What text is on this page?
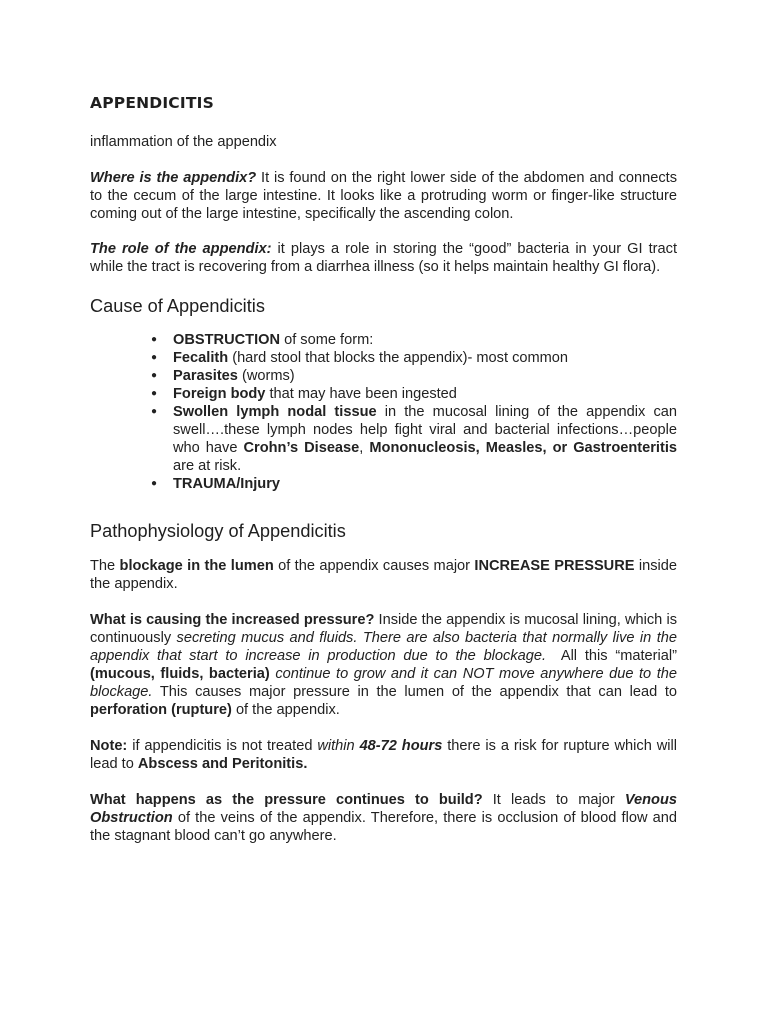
APPENDICITIS

inflammation of the appendix

Where is the appendix? It is found on the right lower side of the abdomen and connects to the cecum of the large intestine. It looks like a protruding worm or finger-like structure coming out of the large intestine, specifically the ascending colon.

The role of the appendix: it plays a role in storing the “good” bacteria in your GI tract while the tract is recovering from a diarrhea illness (so it helps maintain healthy GI flora).

Cause of Appendicitis
● OBSTRUCTION of some form:
● Fecalith (hard stool that blocks the appendix)- most common
● Parasites (worms)
● Foreign body that may have been ingested
● Swollen lymph nodal tissue in the mucosal lining of the appendix can swell….these lymph nodes help fight viral and bacterial infections…people who have Crohn’s Disease, Mononucleosis, Measles, or Gastroenteritis are at risk.
● TRAUMA/Injury
Pathophysiology of Appendicitis

The blockage in the lumen of the appendix causes major INCREASE PRESSURE inside the appendix.

What is causing the increased pressure? Inside the appendix is mucosal lining, which is continuously secreting mucus and fluids. There are also bacteria that normally live in the appendix that start to increase in production due to the blockage.  All this “material” (mucous, fluids, bacteria) continue to grow and it can NOT move anywhere due to the blockage. This causes major pressure in the lumen of the appendix that can lead to perforation (rupture) of the appendix.

Note: if appendicitis is not treated within 48-72 hours there is a risk for rupture which will lead to Abscess and Peritonitis.

What happens as the pressure continues to build? It leads to major Venous Obstruction of the veins of the appendix. Therefore, there is occlusion of blood flow and the stagnant blood can’t go anywhere.
